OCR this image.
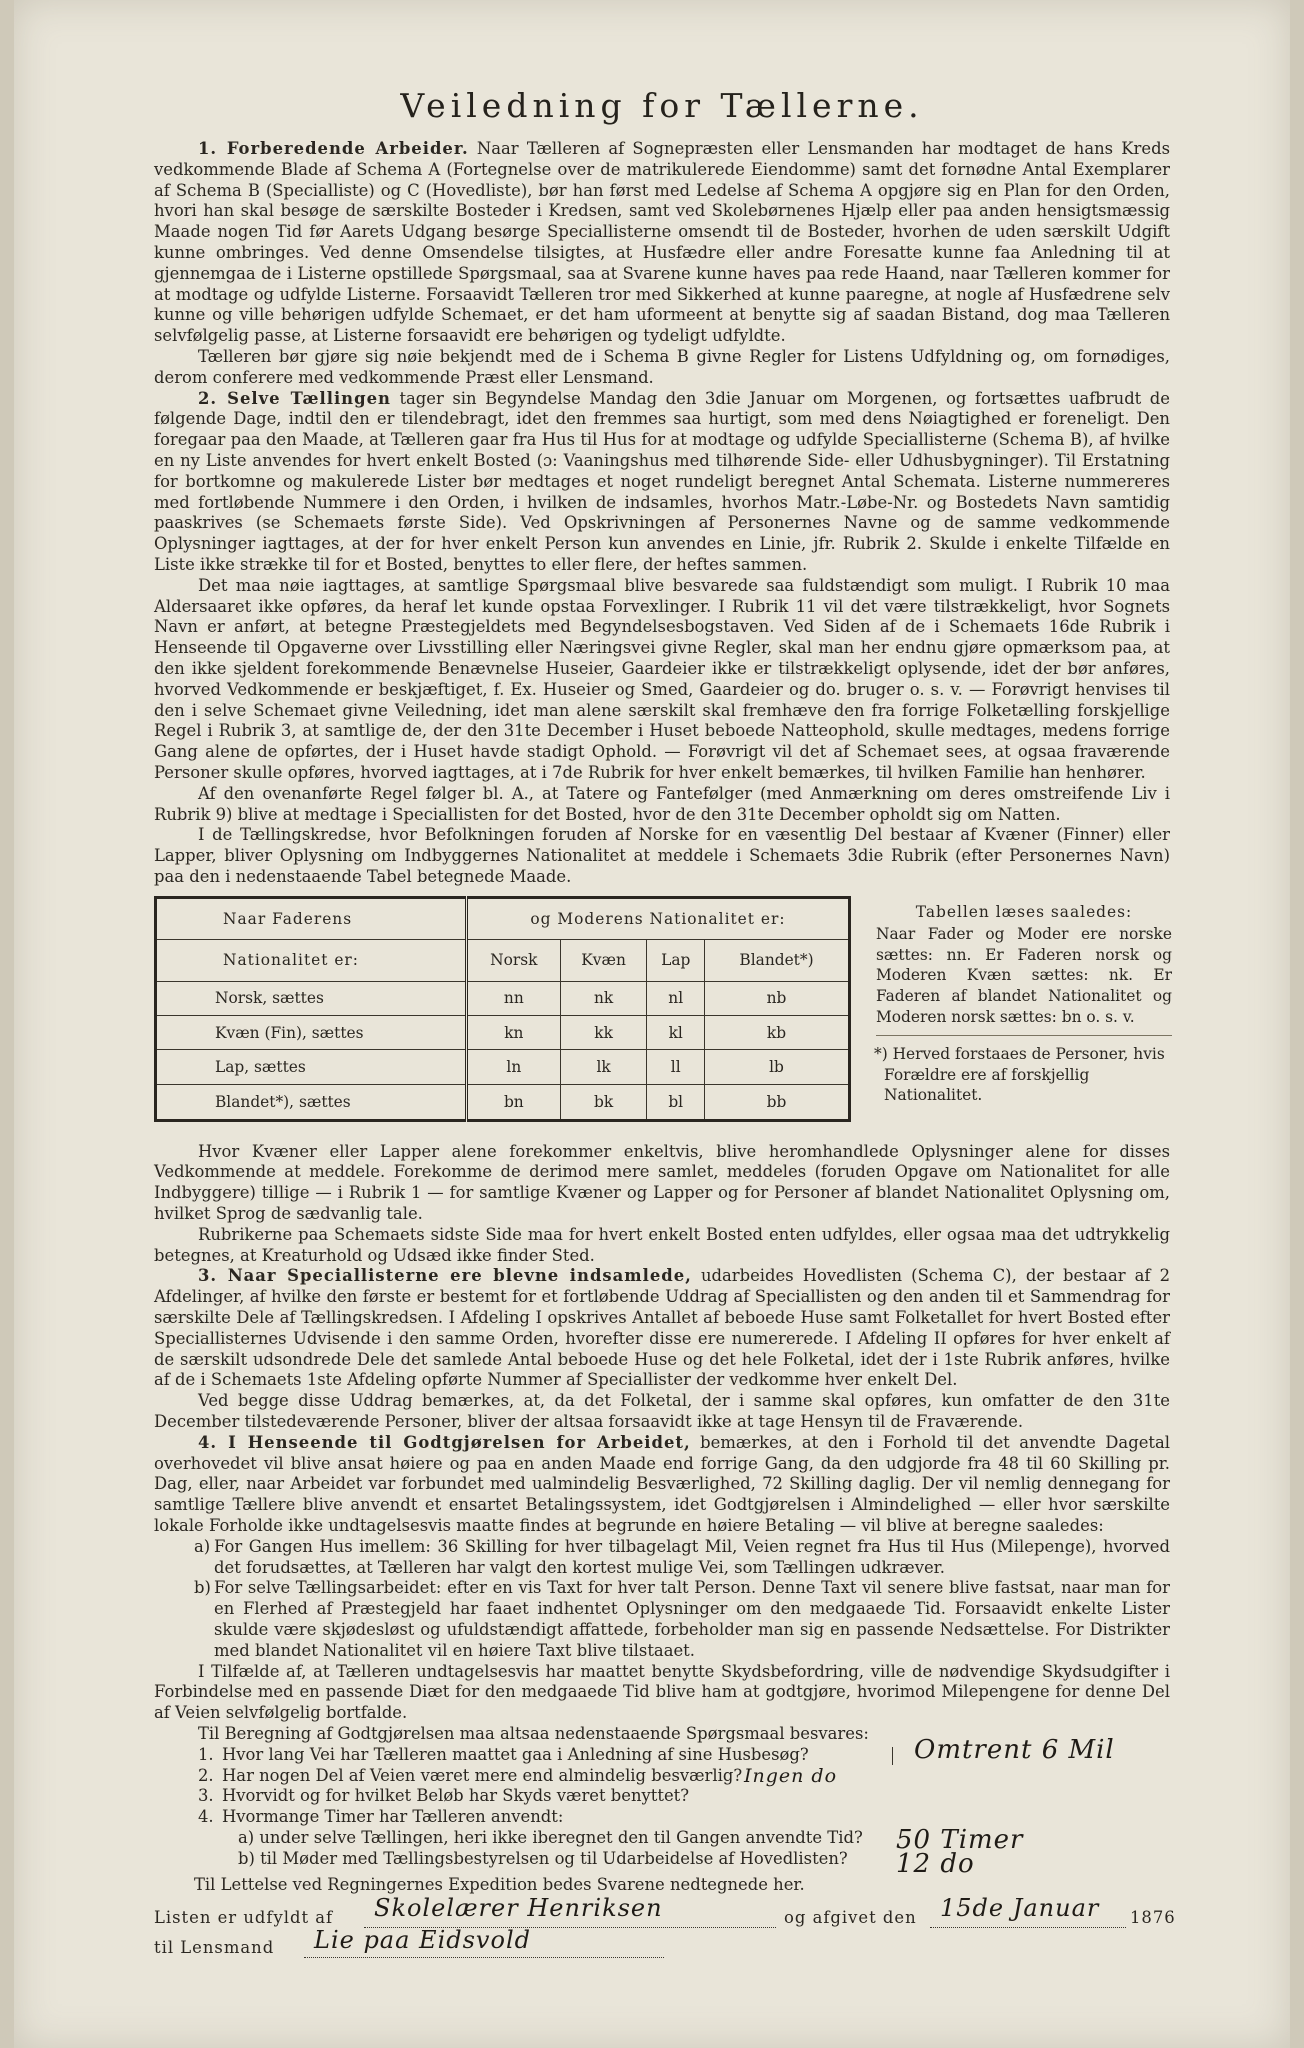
Veiledning for Tællerne.

1. Forberedende Arbeider. Naar Tælleren af Sognepræsten eller Lensmanden har modtaget de hans Kreds vedkommende Blade af Schema A (Fortegnelse over de matrikulerede Eiendomme) samt det fornødne Antal Exemplarer af Schema B (Specialliste) og C (Hovedliste), bør han først med Ledelse af Schema A opgjøre sig en Plan for den Orden, hvori han skal besøge de særskilte Bosteder i Kredsen, samt ved Skolebørnenes Hjælp eller paa anden hensigtsmæssig Maade nogen Tid før Aarets Udgang besørge Speciallisterne omsendt til de Bosteder, hvorhen de uden særskilt Udgift kunne ombringes. Ved denne Omsendelse tilsigtes, at Husfædre eller andre Foresatte kunne faa Anledning til at gjennemgaa de i Listerne opstillede Spørgsmaal, saa at Svarene kunne haves paa rede Haand, naar Tælleren kommer for at modtage og udfylde Listerne. Forsaavidt Tælleren tror med Sikkerhed at kunne paaregne, at nogle af Husfædrene selv kunne og ville behørigen udfylde Schemaet, er det ham uformeent at benytte sig af saadan Bistand, dog maa Tælleren selvfølgelig passe, at Listerne forsaavidt ere behørigen og tydeligt udfyldte.

Tælleren bør gjøre sig nøie bekjendt med de i Schema B givne Regler for Listens Udfyldning og, om fornødiges, derom conferere med vedkommende Præst eller Lensmand.

2. Selve Tællingen tager sin Begyndelse Mandag den 3die Januar om Morgenen, og fortsættes uafbrudt de følgende Dage, indtil den er tilendebragt, idet den fremmes saa hurtigt, som med dens Nøiagtighed er foreneligt. Den foregaar paa den Maade, at Tælleren gaar fra Hus til Hus for at modtage og udfylde Speciallisterne (Schema B), af hvilke en ny Liste anvendes for hvert enkelt Bosted (ɔ: Vaaningshus med tilhørende Side- eller Udhusbygninger). Til Erstatning for bortkomne og makulerede Lister bør medtages et noget rundeligt beregnet Antal Schemata. Listerne nummereres med fortløbende Nummere i den Orden, i hvilken de indsamles, hvorhos Matr.-Løbe-Nr. og Bostedets Navn samtidig paaskrives (se Schemaets første Side). Ved Opskrivningen af Personernes Navne og de samme vedkommende Oplysninger iagttages, at der for hver enkelt Person kun anvendes en Linie, jfr. Rubrik 2. Skulde i enkelte Tilfælde en Liste ikke strække til for et Bosted, benyttes to eller flere, der heftes sammen.

Det maa nøie iagttages, at samtlige Spørgsmaal blive besvarede saa fuldstændigt som muligt. I Rubrik 10 maa Aldersaaret ikke opføres, da heraf let kunde opstaa Forvexlinger. I Rubrik 11 vil det være tilstrækkeligt, hvor Sognets Navn er anført, at betegne Præstegjeldets med Begyndelsesbogstaven. Ved Siden af de i Schemaets 16de Rubrik i Henseende til Opgaverne over Livsstilling eller Næringsvei givne Regler, skal man her endnu gjøre opmærksom paa, at den ikke sjeldent forekommende Benævnelse Huseier, Gaardeier ikke er tilstrækkeligt oplysende, idet der bør anføres, hvorved Vedkommende er beskjæftiget, f. Ex. Huseier og Smed, Gaardeier og do. bruger o. s. v. — Forøvrigt henvises til den i selve Schemaet givne Veiledning, idet man alene særskilt skal fremhæve den fra forrige Folketælling forskjellige Regel i Rubrik 3, at samtlige de, der den 31te December i Huset beboede Natteophold, skulle medtages, medens forrige Gang alene de opførtes, der i Huset havde stadigt Ophold. — Forøvrigt vil det af Schemaet sees, at ogsaa fraværende Personer skulle opføres, hvorved iagttages, at i 7de Rubrik for hver enkelt bemærkes, til hvilken Familie han henhører.

Af den ovenanførte Regel følger bl. A., at Tatere og Fantefølger (med Anmærkning om deres omstreifende Liv i Rubrik 9) blive at medtage i Speciallisten for det Bosted, hvor de den 31te December opholdt sig om Natten.

I de Tællingskredse, hvor Befolkningen foruden af Norske for en væsentlig Del bestaar af Kvæner (Finner) eller Lapper, bliver Oplysning om Indbyggernes Nationalitet at meddele i Schemaets 3die Rubrik (efter Personernes Navn) paa den i nedenstaaende Tabel betegnede Maade.

Naar Faderens	og Moderens Nationalitet er:			
Nationalitet er:	Norsk	Kvæn	Lap	Blandet*)
Norsk, sættes	nn	nk	nl	nb
Kvæn (Fin), sættes	kn	kk	kl	kb
Lap, sættes	ln	lk	ll	lb
Blandet*), sættes	bn	bk	bl	bb
Tabellen læses saaledes:
Naar Fader og Moder ere norske sættes: nn. Er Faderen norsk og Moderen Kvæn sættes: nk. Er Faderen af blandet Nationalitet og Moderen norsk sættes: bn o. s. v.
*) Herved forstaaes de Personer, hvis Forældre ere af forskjellig Nationalitet.

Hvor Kvæner eller Lapper alene forekommer enkeltvis, blive heromhandlede Oplysninger alene for disses Vedkommende at meddele. Forekomme de derimod mere samlet, meddeles (foruden Opgave om Nationalitet for alle Indbyggere) tillige — i Rubrik 1 — for samtlige Kvæner og Lapper og for Personer af blandet Nationalitet Oplysning om, hvilket Sprog de sædvanlig tale.

Rubrikerne paa Schemaets sidste Side maa for hvert enkelt Bosted enten udfyldes, eller ogsaa maa det udtrykkelig betegnes, at Kreaturhold og Udsæd ikke finder Sted.

3. Naar Speciallisterne ere blevne indsamlede, udarbeides Hovedlisten (Schema C), der bestaar af 2 Afdelinger, af hvilke den første er bestemt for et fortløbende Uddrag af Speciallisten og den anden til et Sammendrag for særskilte Dele af Tællingskredsen. I Afdeling I opskrives Antallet af beboede Huse samt Folketallet for hvert Bosted efter Speciallisternes Udvisende i den samme Orden, hvorefter disse ere numererede. I Afdeling II opføres for hver enkelt af de særskilt udsondrede Dele det samlede Antal beboede Huse og det hele Folketal, idet der i 1ste Rubrik anføres, hvilke af de i Schemaets 1ste Afdeling opførte Nummer af Speciallister der vedkomme hver enkelt Del.

Ved begge disse Uddrag bemærkes, at, da det Folketal, der i samme skal opføres, kun omfatter de den 31te December tilstedeværende Personer, bliver der altsaa forsaavidt ikke at tage Hensyn til de Fraværende.

4. I Henseende til Godtgjørelsen for Arbeidet, bemærkes, at den i Forhold til det anvendte Dagetal overhovedet vil blive ansat høiere og paa en anden Maade end forrige Gang, da den udgjorde fra 48 til 60 Skilling pr. Dag, eller, naar Arbeidet var forbundet med ualmindelig Besværlighed, 72 Skilling daglig. Der vil nemlig dennegang for samtlige Tællere blive anvendt et ensartet Betalingssystem, idet Godtgjørelsen i Almindelighed — eller hvor særskilte lokale Forholde ikke undtagelsesvis maatte findes at begrunde en høiere Betaling — vil blive at beregne saaledes:

a) For Gangen Hus imellem: 36 Skilling for hver tilbagelagt Mil, Veien regnet fra Hus til Hus (Milepenge), hvorved det forudsættes, at Tælleren har valgt den kortest mulige Vei, som Tællingen udkræver.

b) For selve Tællingsarbeidet: efter en vis Taxt for hver talt Person. Denne Taxt vil senere blive fastsat, naar man for en Flerhed af Præstegjeld har faaet indhentet Oplysninger om den medgaaede Tid. Forsaavidt enkelte Lister skulde være skjødesløst og ufuldstændigt affattede, forbeholder man sig en passende Nedsættelse. For Distrikter med blandet Nationalitet vil en høiere Taxt blive tilstaaet.

I Tilfælde af, at Tælleren undtagelsesvis har maattet benytte Skydsbefordring, ville de nødvendige Skydsudgifter i Forbindelse med en passende Diæt for den medgaaede Tid blive ham at godtgjøre, hvorimod Milepengene for denne Del af Veien selvfølgelig bortfalde.

Til Beregning af Godtgjørelsen maa altsaa nedenstaaende Spørgsmaal besvares:

1. Hvor lang Vei har Tælleren maattet gaa i Anledning af sine Husbesøg?
2. Har nogen Del af Veien været mere end almindelig besværlig?
3. Hvorvidt og for hvilket Beløb har Skyds været benyttet?
4. Hvormange Timer har Tælleren anvendt:
a) under selve Tællingen, heri ikke iberegnet den til Gangen anvendte Tid?
b) til Møder med Tællingsbestyrelsen og til Udarbeidelse af Hovedlisten?
Omtrent 6 Mil
Ingen do
50 Timer
12 do

Til Lettelse ved Regningernes Expedition bedes Svarene nedtegnede her.

Listen er udfyldt af Skolelærer Henriksen	og afgivet den 15de Januar 1876
til Lensmand Lie paa Eidsvold
